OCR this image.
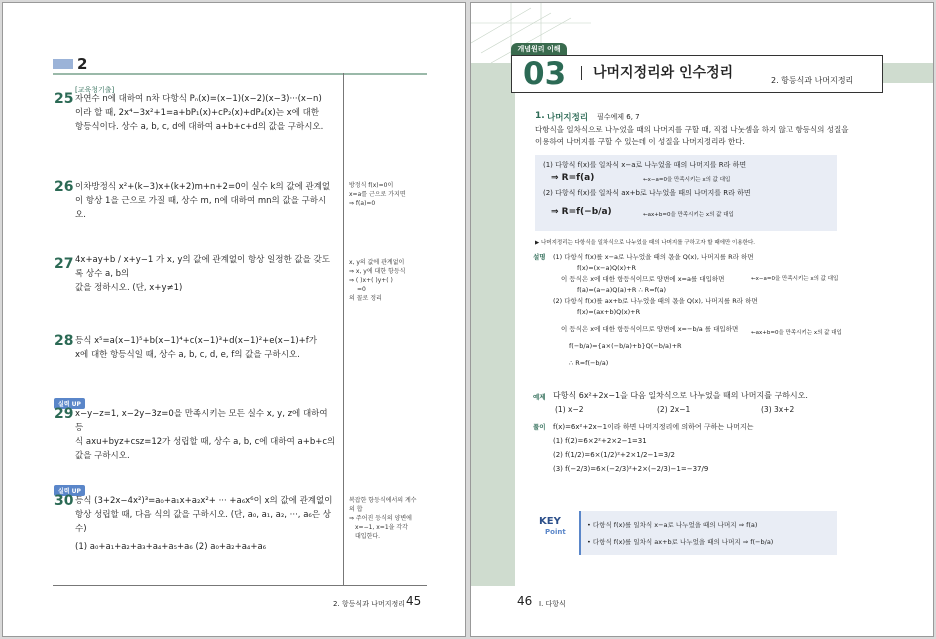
2
[교육청기출]
25 자연수 n에 대하여 n차 다항식 Pₙ(x)=(x−1)(x−2)(x−3)···(x−n)
이라 할 때, 2x⁴−3x²+1=a+bP₁(x)+cP₂(x)+dP₄(x)는 x에 대한
항등식이다. 상수 a, b, c, d에 대하여 a+b+c+d의 값을 구하시오.
26 이차방정식 x²+(k−3)x+(k+2)m+n+2=0이 실수 k의 값에 관계없
이 항상 1을 근으로 가질 때, 상수 m, n에 대하여 mn의 값을 구하시오.
27 4x+ay+b / x+y−1 가 x, y의 값에 관계없이 항상 일정한 값을 갖도록 상수 a, b의
값을 정하시오. (단, x+y≠1)
28 등식 x⁵=a(x−1)⁵+b(x−1)⁴+c(x−1)³+d(x−1)²+e(x−1)+f가
x에 대한 항등식일 때, 상수 a, b, c, d, e, f의 값을 구하시오.
실력 UP
29 x−y−z=1, x−2y−3z=0을 만족시키는 모든 실수 x, y, z에 대하여 등
식 axu+byz+csz=12가 성립할 때, 상수 a, b, c에 대하여 a+b+c의
값을 구하시오.
실력 UP
30 등식 (3+2x−4x²)³=a₀+a₁x+a₂x²+ ··· +a₆x⁶이 x의 값에 관계없이
항상 성립할 때, 다음 식의 값을 구하시오. (단, a₀, a₁, a₂, ···, a₆은 상수)
(1) a₀+a₁+a₂+a₃+a₄+a₅+a₆ (2) a₀+a₂+a₄+a₆
방정식 f(x)=0이
x=a를 근으로 가지면
⇒ f(a)=0
x, y의 값에 관계없이
⇒ x, y에 대한 항등식
⇒ ( )x+( )y+( )
=0
의 꼴로 정리
복잡한 항등식에서의 계수
의 합
⇒ 주어진 등식의 양변에
x=−1, x=1을 각각
대입한다.
2. 항등식과 나머지정리 45
개념원리 이해
03 나머지정리와 인수정리	2. 항등식과 나머지정리
1. 나머지정리 필수예제 6, 7
다항식을 일차식으로 나누었을 때의 나머지를 구할 때, 직접 나눗셈을 하지 않고 항등식의 성질을
이용하여 나머지를 구할 수 있는데 이 성질을 나머지정리라 한다.
(1) 다항식 f(x)를 일차식 x−a로 나누었을 때의 나머지를 R라 하면
⇒ R=f(a)	←x−a=0을 만족시키는 x의 값 대입
(2) 다항식 f(x)를 일차식 ax+b로 나누었을 때의 나머지를 R라 하면
⇒ R=f(−b/a)	←ax+b=0을 만족시키는 x의 값 대입
▶ 나머지정리는 다항식을 일차식으로 나누었을 때의 나머지를 구하고자 할 때에만 이용한다.
설명 (1) 다항식 f(x)를 x−a로 나누었을 때의 몫을 Q(x), 나머지를 R라 하면
f(x)=(x−a)Q(x)+R
이 등식은 x에 대한 항등식이므로 양변에 x=a를 대입하면
f(a)=(a−a)Q(a)+R ∴ R=f(a)
(2) 다항식 f(x)를 ax+b로 나누었을 때의 몫을 Q(x), 나머지를 R라 하면
f(x)=(ax+b)Q(x)+R
이 등식은 x에 대한 항등식이므로 양변에 x=−b/a 를 대입하면
f(−b/a)={a×(−b/a)+b}Q(−b/a)+R
∴ R=f(−b/a)
←x−a=0을 만족시키는 x의 값 대입
←ax+b=0을 만족시키는 x의 값 대입
예제 다항식 6x²+2x−1을 다음 일차식으로 나누었을 때의 나머지를 구하시오.
(1) x−2	(2) 2x−1	(3) 3x+2
풀이 f(x)=6x²+2x−1이라 하면 나머지정리에 의하여 구하는 나머지는
(1) f(2)=6×2²+2×2−1=31
(2) f(1/2)=6×(1/2)²+2×1/2−1=3/2
(3) f(−2/3)=6×(−2/3)²+2×(−2/3)−1=−37/9
KEY
Point
• 다항식 f(x)를 일차식 x−a로 나누었을 때의 나머지 ⇒ f(a)
• 다항식 f(x)를 일차식 ax+b로 나누었을 때의 나머지 ⇒ f(−b/a)
46 I. 다항식
